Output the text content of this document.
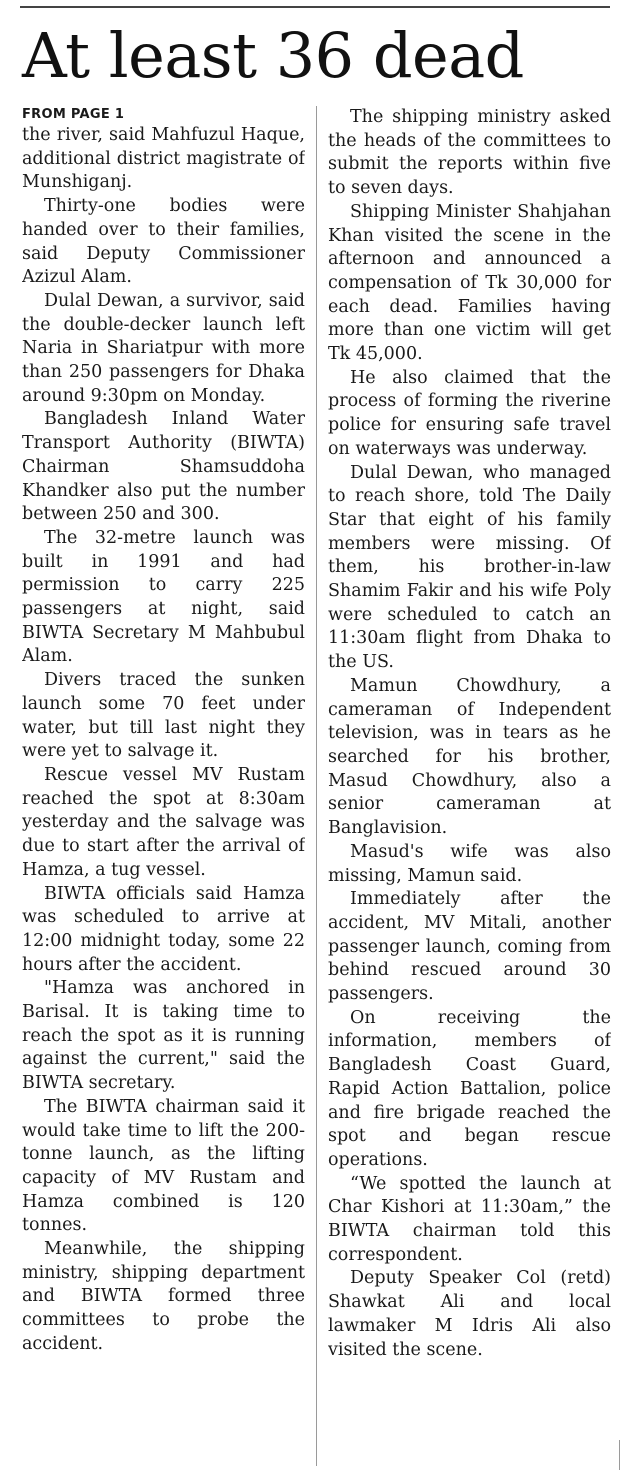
At least 36 dead
FROM PAGE 1

the river, said Mahfuzul Haque, additional district magistrate of Munshiganj.

Thirty-one bodies were handed over to their families, said Deputy Commissioner Azizul Alam.

Dulal Dewan, a survivor, said the double-decker launch left Naria in Shariatpur with more than 250 passengers for Dhaka around 9:30pm on Monday.

Bangladesh Inland Water Transport Authority (BIWTA) Chairman Shamsuddoha Khandker also put the number between 250 and 300.

The 32-metre launch was built in 1991 and had permission to carry 225 passengers at night, said BIWTA Secretary M Mahbubul Alam.

Divers traced the sunken launch some 70 feet under water, but till last night they were yet to salvage it.

Rescue vessel MV Rustam reached the spot at 8:30am yesterday and the salvage was due to start after the arrival of Hamza, a tug vessel.

BIWTA officials said Hamza was scheduled to arrive at 12:00 midnight today, some 22 hours after the accident.

"Hamza was anchored in Barisal. It is taking time to reach the spot as it is running against the current," said the BIWTA secretary.

The BIWTA chairman said it would take time to lift the 200-tonne launch, as the lifting capacity of MV Rustam and Hamza combined is 120 tonnes.

Meanwhile, the shipping ministry, shipping department and BIWTA formed three committees to probe the accident.

The shipping ministry asked the heads of the committees to submit the reports within five to seven days.

Shipping Minister Shahjahan Khan visited the scene in the afternoon and announced a compensation of Tk 30,000 for each dead. Families having more than one victim will get Tk 45,000.

He also claimed that the process of forming the riverine police for ensuring safe travel on waterways was underway.

Dulal Dewan, who managed to reach shore, told The Daily Star that eight of his family members were missing. Of them, his brother-in-law Shamim Fakir and his wife Poly were scheduled to catch an 11:30am flight from Dhaka to the US.

Mamun Chowdhury, a cameraman of Independent television, was in tears as he searched for his brother, Masud Chowdhury, also a senior cameraman at Banglavision.

Masud's wife was also missing, Mamun said.

Immediately after the accident, MV Mitali, another passenger launch, coming from behind rescued around 30 passengers.

On receiving the information, members of Bangladesh Coast Guard, Rapid Action Battalion, police and fire brigade reached the spot and began rescue operations.

“We spotted the launch at Char Kishori at 11:30am,” the BIWTA chairman told this correspondent.

Deputy Speaker Col (retd) Shawkat Ali and local lawmaker M Idris Ali also visited the scene.
